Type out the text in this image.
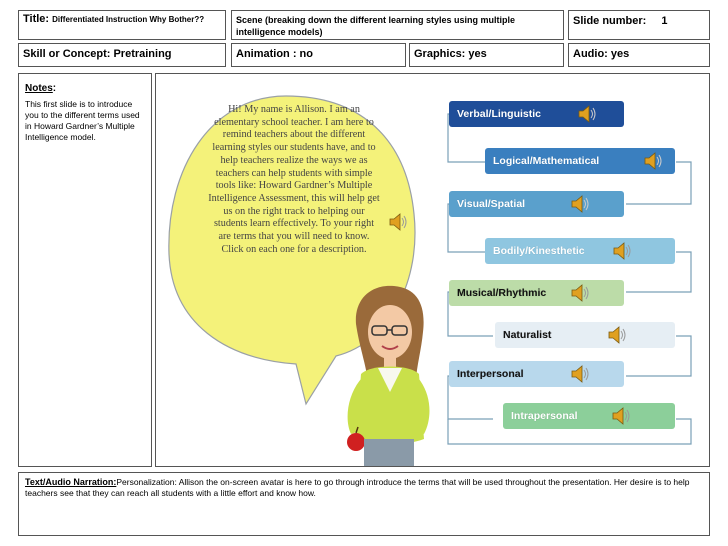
Title: Differentiated Instruction Why Bother??	Scene (breaking down the different learning styles using multiple intelligence models)
Slide number: 1
Skill or Concept: Pretraining	Animation : no	Graphics: yes	Audio: yes
Notes:
This first slide is to introduce you to the different terms used in Howard Gardner’s Multiple Intelligence model.
Hi! My name is Allison. I am an elementary school teacher. I am here to remind teachers about the different learning styles our students have, and to help teachers realize the ways we as teachers can help students with simple tools like: Howard Gardner’s Multiple Intelligence Assessment, this will help get us on the right track to helping our students learn effectively. To your right are terms that you will need to know. Click on each one for a description.
Verbal/Linguistic
Logical/Mathematical
Visual/Spatial
Bodily/Kinesthetic
Musical/Rhythmic
Naturalist
Interpersonal
Intrapersonal
Text/Audio Narration:Personalization: Allison the on-screen avatar is here to go through introduce the terms that will be used throughout the presentation. Her desire is to help teachers see that they can reach all students with a little effort and know how.
